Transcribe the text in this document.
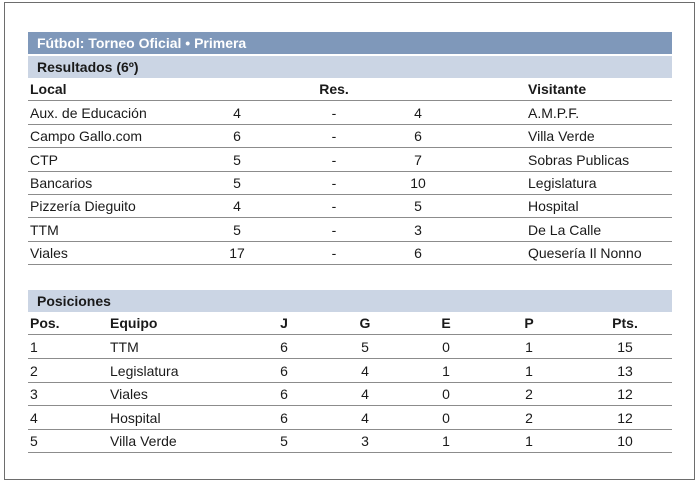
Fútbol: Torneo Oficial • Primera
Resultados (6º)
Local	Res.	Visitante
Aux. de Educación	4	-	4	A.M.P.F.
Campo Gallo.com	6	-	6	Villa Verde
CTP	5	-	7	Sobras Publicas
Bancarios	5	-	10	Legislatura
Pizzería Dieguito	4	-	5	Hospital
TTM	5	-	3	De La Calle
Viales	17	-	6	Quesería Il Nonno
Posiciones
Pos.	Equipo	J	G	E	P	Pts.
1	TTM	6	5	0	1	15
2	Legislatura	6	4	1	1	13
3	Viales	6	4	0	2	12
4	Hospital	6	4	0	2	12
5	Villa Verde	5	3	1	1	10
